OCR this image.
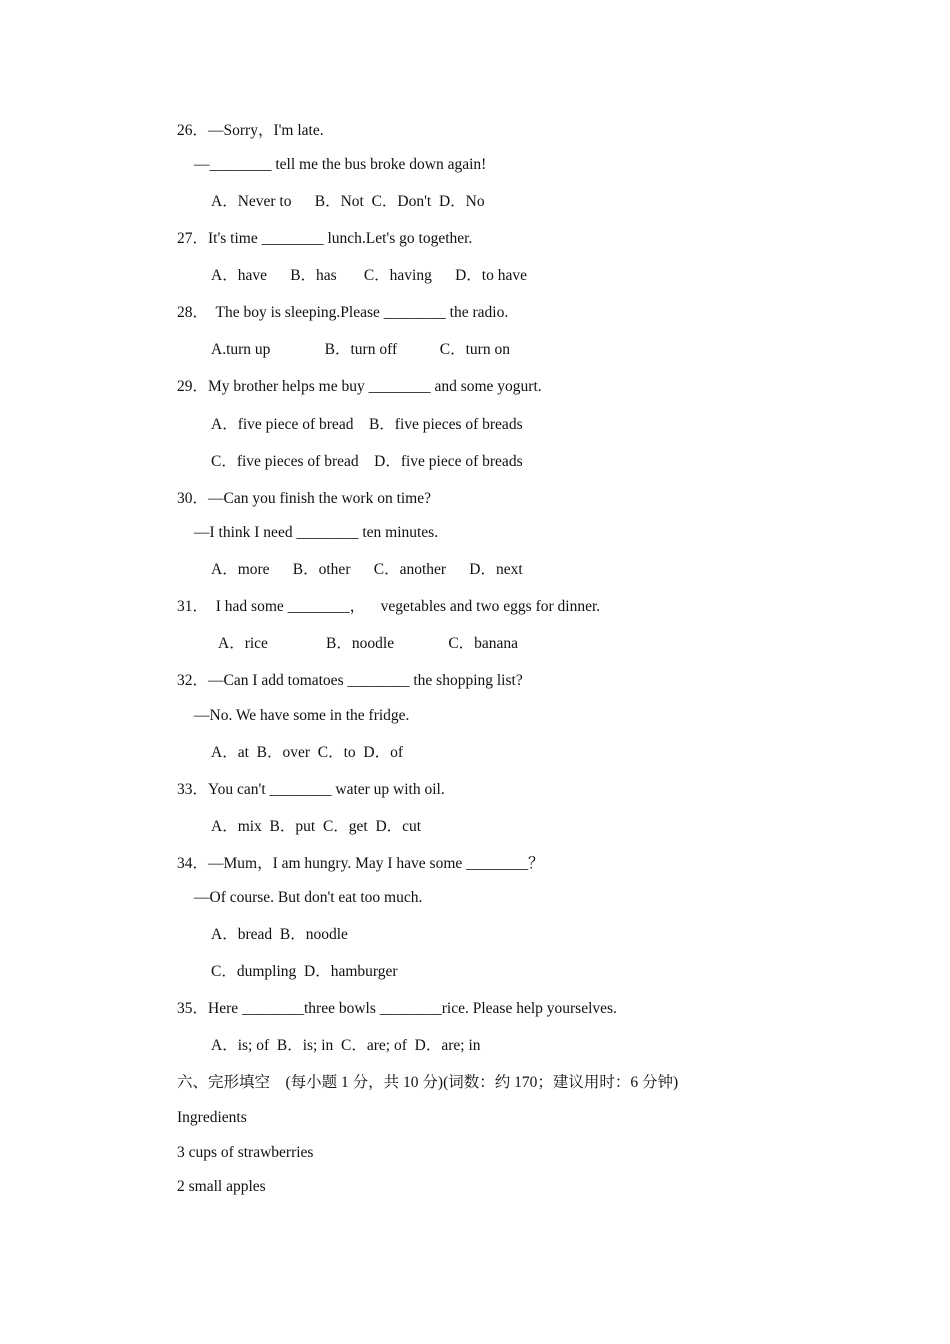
26．—Sorry，I'm late.
—________ tell me the bus broke down again!
A．Never to      B．Not  C．Don't  D．No
27．It's time ________ lunch.Let's go together.
A．have      B．has       C．having      D．to have
28．  The boy is sleeping.Please ________ the radio.
A.turn up              B．turn off           C．turn on
29．My brother helps me buy ________ and some yogurt.
A．five piece of bread    B．five pieces of breads
C．five pieces of bread    D．five piece of breads
30．—Can you finish the work on time?
—I think I need ________ ten minutes.
A．more      B．other      C．another      D．next
31．  I had some ________，    vegetables and two eggs for dinner.
A．rice               B．noodle              C．banana
32．—Can I add tomatoes ________ the shopping list?
—No. We have some in the fridge.
A．at  B．over  C．to  D．of
33．You can't ________ water up with oil.
A．mix  B．put  C．get  D．cut
34．—Mum，I am hungry. May I have some ________？
—Of course. But don't eat too much.
A．bread  B．noodle
C．dumpling  D．hamburger
35．Here ________three bowls ________rice. Please help yourselves.
A．is; of  B．is; in  C．are; of  D．are; in
六、完形填空　(每小题 1 分，共 10 分)(词数：约 170；建议用时：6 分钟)
Ingredients
3 cups of strawberries
2 small apples
